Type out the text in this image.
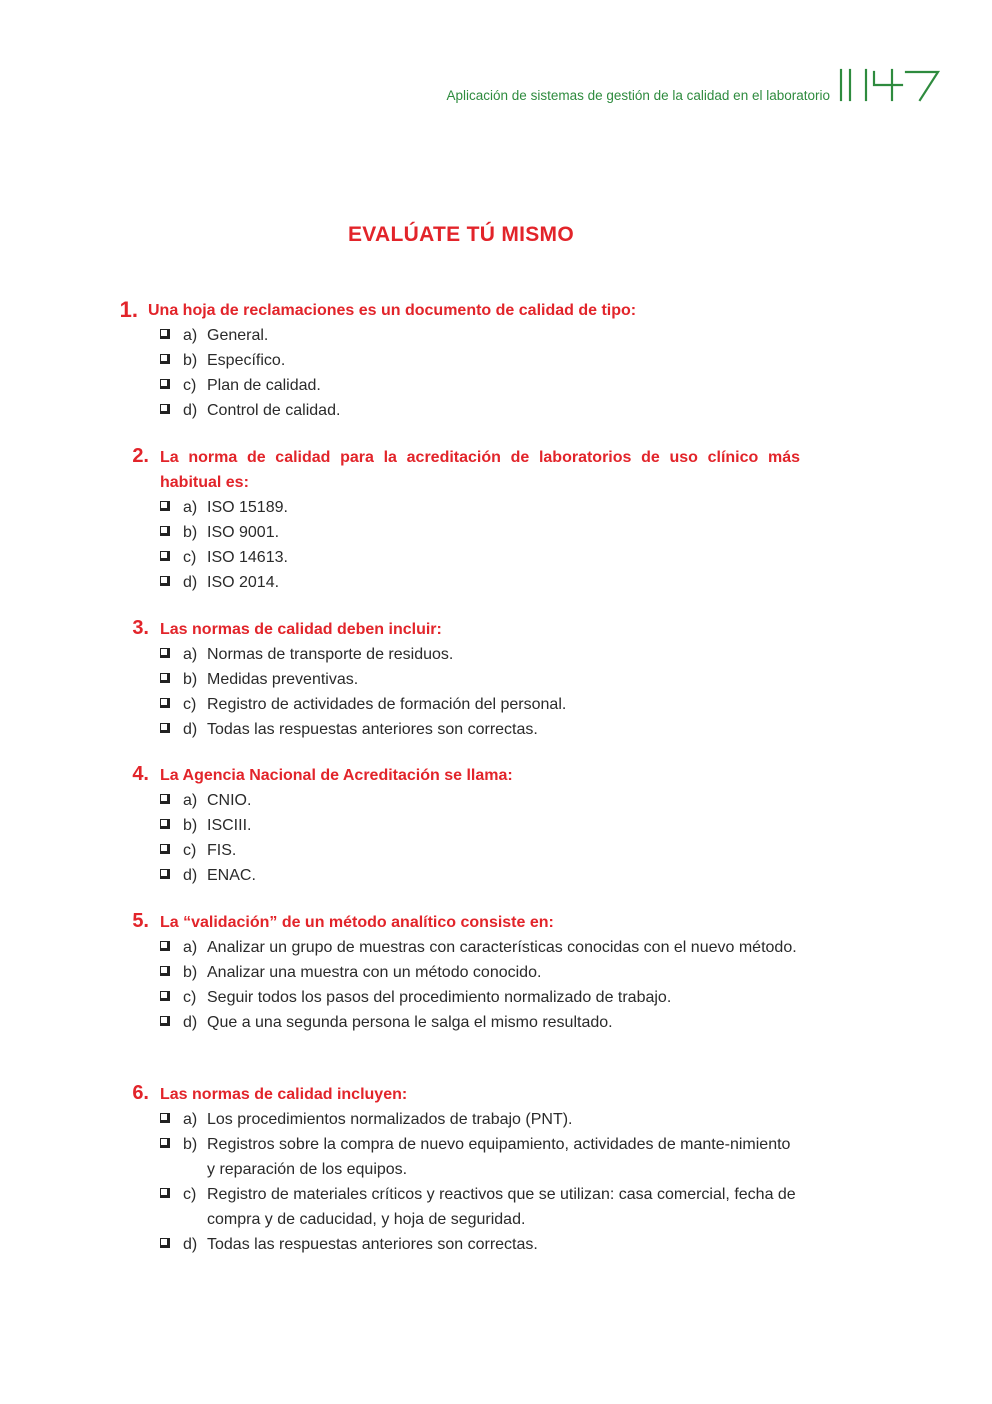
Aplicación de sistemas de gestión de la calidad en el laboratorio
EVALÚATE TÚ MISMO
1. Una hoja de reclamaciones es un documento de calidad de tipo:
a) General.
b) Específico.
c) Plan de calidad.
d) Control de calidad.
2. La norma de calidad para la acreditación de laboratorios de uso clínico más habitual es:
a) ISO 15189.
b) ISO 9001.
c) ISO 14613.
d) ISO 2014.
3. Las normas de calidad deben incluir:
a) Normas de transporte de residuos.
b) Medidas preventivas.
c) Registro de actividades de formación del personal.
d) Todas las respuestas anteriores son correctas.
4. La Agencia Nacional de Acreditación se llama:
a) CNIO.
b) ISCIII.
c) FIS.
d) ENAC.
5. La “validación” de un método analítico consiste en:
a) Analizar un grupo de muestras con características conocidas con el nuevo método.
b) Analizar una muestra con un método conocido.
c) Seguir todos los pasos del procedimiento normalizado de trabajo.
d) Que a una segunda persona le salga el mismo resultado.
6. Las normas de calidad incluyen:
a) Los procedimientos normalizados de trabajo (PNT).
b) Registros sobre la compra de nuevo equipamiento, actividades de mante-nimiento y reparación de los equipos.
c) Registro de materiales críticos y reactivos que se utilizan: casa comercial, fecha de compra y de caducidad, y hoja de seguridad.
d) Todas las respuestas anteriores son correctas.
